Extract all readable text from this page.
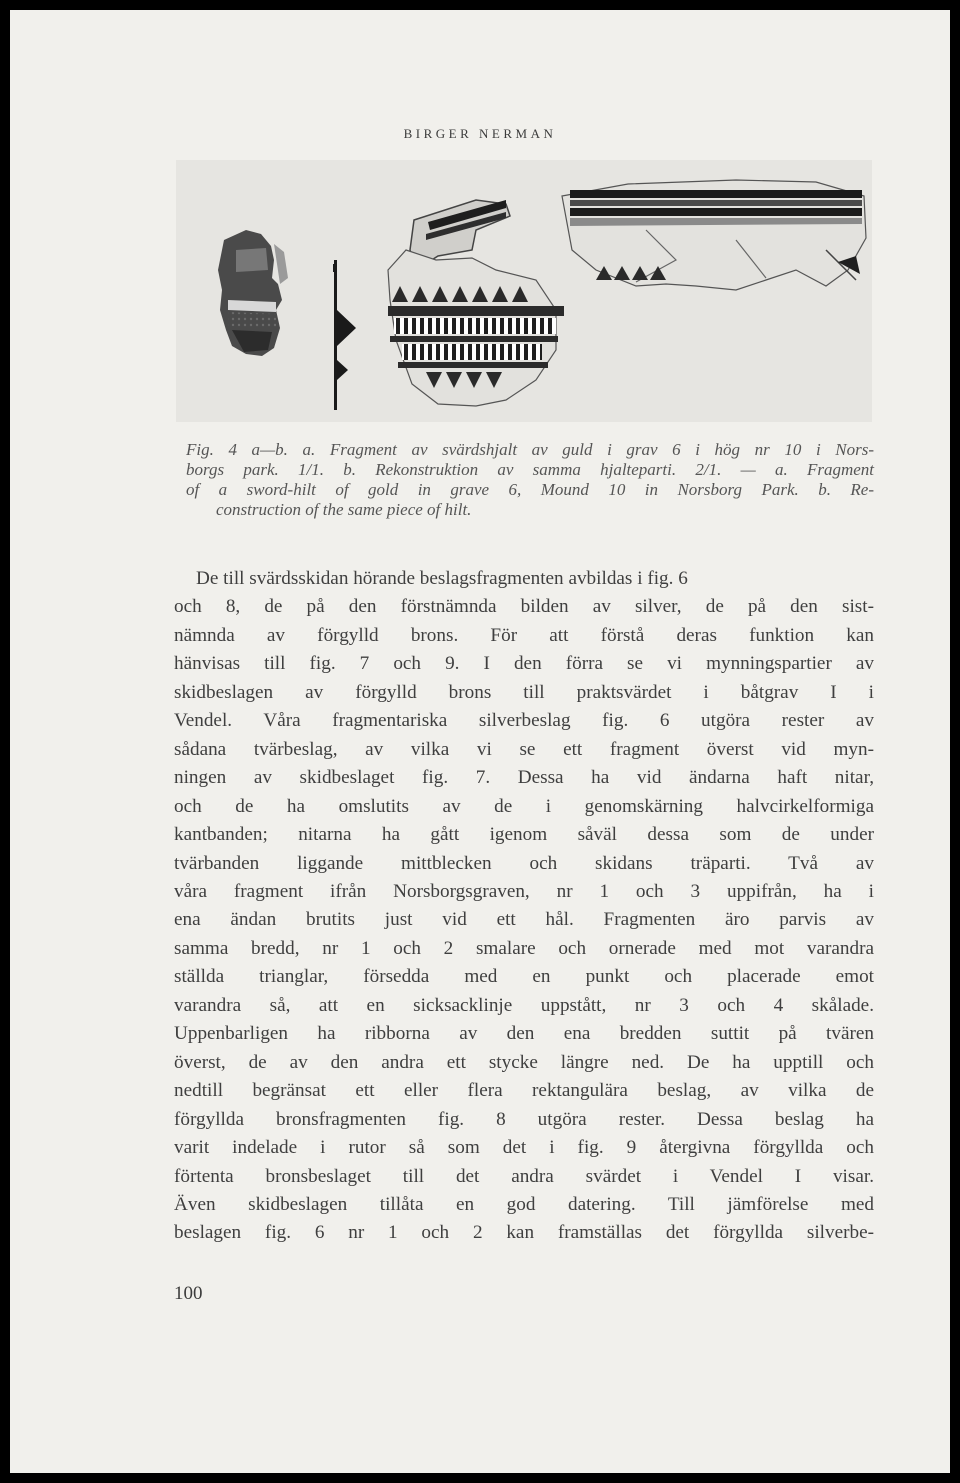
BIRGER NERMAN

Fig. 4 a—b. a. Fragment av svärdshjalt av guld i grav 6 i hög nr 10 i Nors-

borgs park. 1/1. b. Rekonstruktion av samma hjalteparti. 2/1. — a. Fragment

of a sword-hilt of gold in grave 6, Mound 10 in Norsborg Park. b. Re-

construction of the same piece of hilt.

De till svärdsskidan hörande beslagsfragmenten avbildas i fig. 6

och 8, de på den förstnämnda bilden av silver, de på den sist-

nämnda av förgylld brons. För att förstå deras funktion kan

hänvisas till fig. 7 och 9. I den förra se vi mynningspartier av

skidbeslagen av förgylld brons till praktsvärdet i båtgrav I i

Vendel. Våra fragmentariska silverbeslag fig. 6 utgöra rester av

sådana tvärbeslag, av vilka vi se ett fragment överst vid myn-

ningen av skidbeslaget fig. 7. Dessa ha vid ändarna haft nitar,

och de ha omslutits av de i genomskärning halvcirkelformiga

kantbanden; nitarna ha gått igenom såväl dessa som de under

tvärbanden liggande mittblecken och skidans träparti. Två av

våra fragment ifrån Norsborgsgraven, nr 1 och 3 uppifrån, ha i

ena ändan brutits just vid ett hål. Fragmenten äro parvis av

samma bredd, nr 1 och 2 smalare och ornerade med mot varandra

ställda trianglar, försedda med en punkt och placerade emot

varandra så, att en sicksacklinje uppstått, nr 3 och 4 skålade.

Uppenbarligen ha ribborna av den ena bredden suttit på tvären

överst, de av den andra ett stycke längre ned. De ha upptill och

nedtill begränsat ett eller flera rektangulära beslag, av vilka de

förgyllda bronsfragmenten fig. 8 utgöra rester. Dessa beslag ha

varit indelade i rutor så som det i fig. 9 återgivna förgyllda och

förtenta bronsbeslaget till det andra svärdet i Vendel I visar.

Även skidbeslagen tillåta en god datering. Till jämförelse med

beslagen fig. 6 nr 1 och 2 kan framställas det förgyllda silverbe-

100
